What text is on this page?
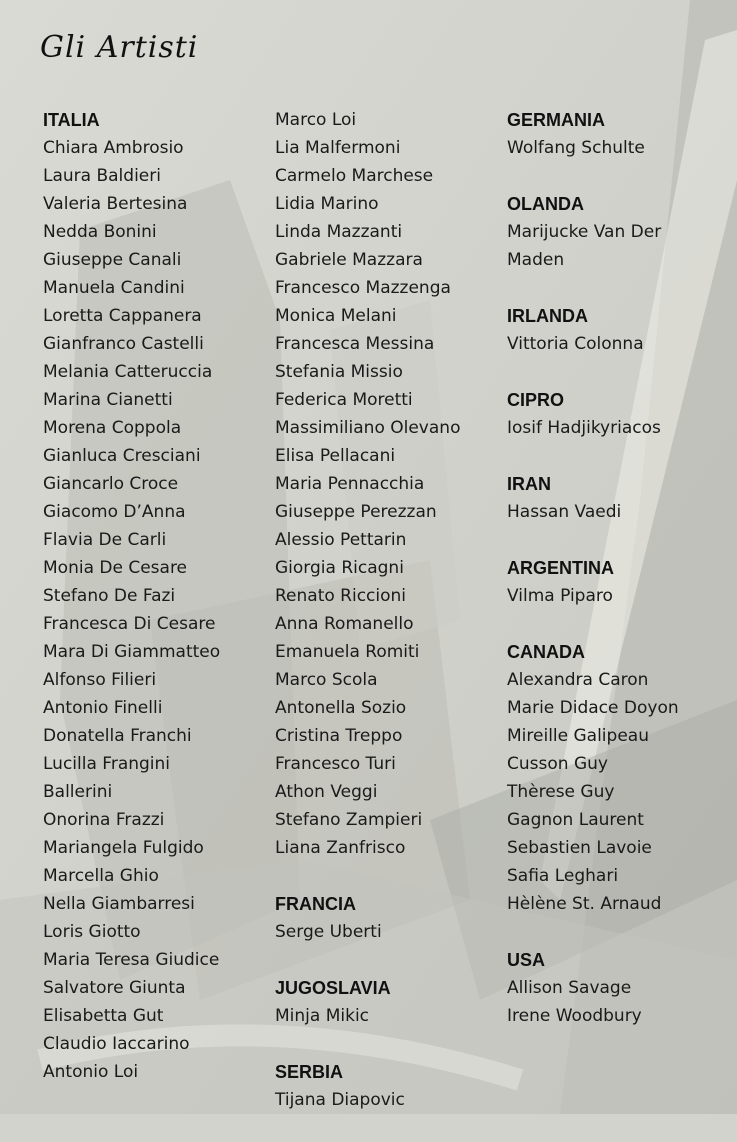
Gli Artisti
ITALIA
Chiara Ambrosio
Laura Baldieri
Valeria Bertesina
Nedda Bonini
Giuseppe Canali
Manuela Candini
Loretta Cappanera
Gianfranco Castelli
Melania Catteruccia
Marina Cianetti
Morena Coppola
Gianluca Cresciani
Giancarlo Croce
Giacomo D’Anna
Flavia De Carli
Monia De Cesare
Stefano De Fazi
Francesca Di Cesare
Mara Di Giammatteo
Alfonso Filieri
Antonio Finelli
Donatella Franchi
Lucilla Frangini
Ballerini
Onorina Frazzi
Mariangela Fulgido
Marcella Ghio
Nella Giambarresi
Loris Giotto
Maria Teresa Giudice
Salvatore Giunta
Elisabetta Gut
Claudio Iaccarino
Antonio Loi
Marco Loi
Lia Malfermoni
Carmelo Marchese
Lidia Marino
Linda Mazzanti
Gabriele Mazzara
Francesco Mazzenga
Monica Melani
Francesca Messina
Stefania Missio
Federica Moretti
Massimiliano Olevano
Elisa Pellacani
Maria Pennacchia
Giuseppe Perezzan
Alessio Pettarin
Giorgia Ricagni
Renato Riccioni
Anna Romanello
Emanuela Romiti
Marco Scola
Antonella Sozio
Cristina Treppo
Francesco Turi
Athon Veggi
Stefano Zampieri
Liana Zanfrisco
FRANCIA
Serge Uberti
JUGOSLAVIA
Minja Mikic
SERBIA
Tijana Diapovic
GERMANIA
Wolfang Schulte
OLANDA
Marijucke Van Der
Maden
IRLANDA
Vittoria Colonna
CIPRO
Iosif Hadjikyriacos
IRAN
Hassan Vaedi
ARGENTINA
Vilma Piparo
CANADA
Alexandra Caron
Marie Didace Doyon
Mireille Galipeau
Cusson Guy
Thèrese Guy
Gagnon Laurent
Sebastien Lavoie
Safia Leghari
Hèlène St. Arnaud
USA
Allison Savage
Irene Woodbury
